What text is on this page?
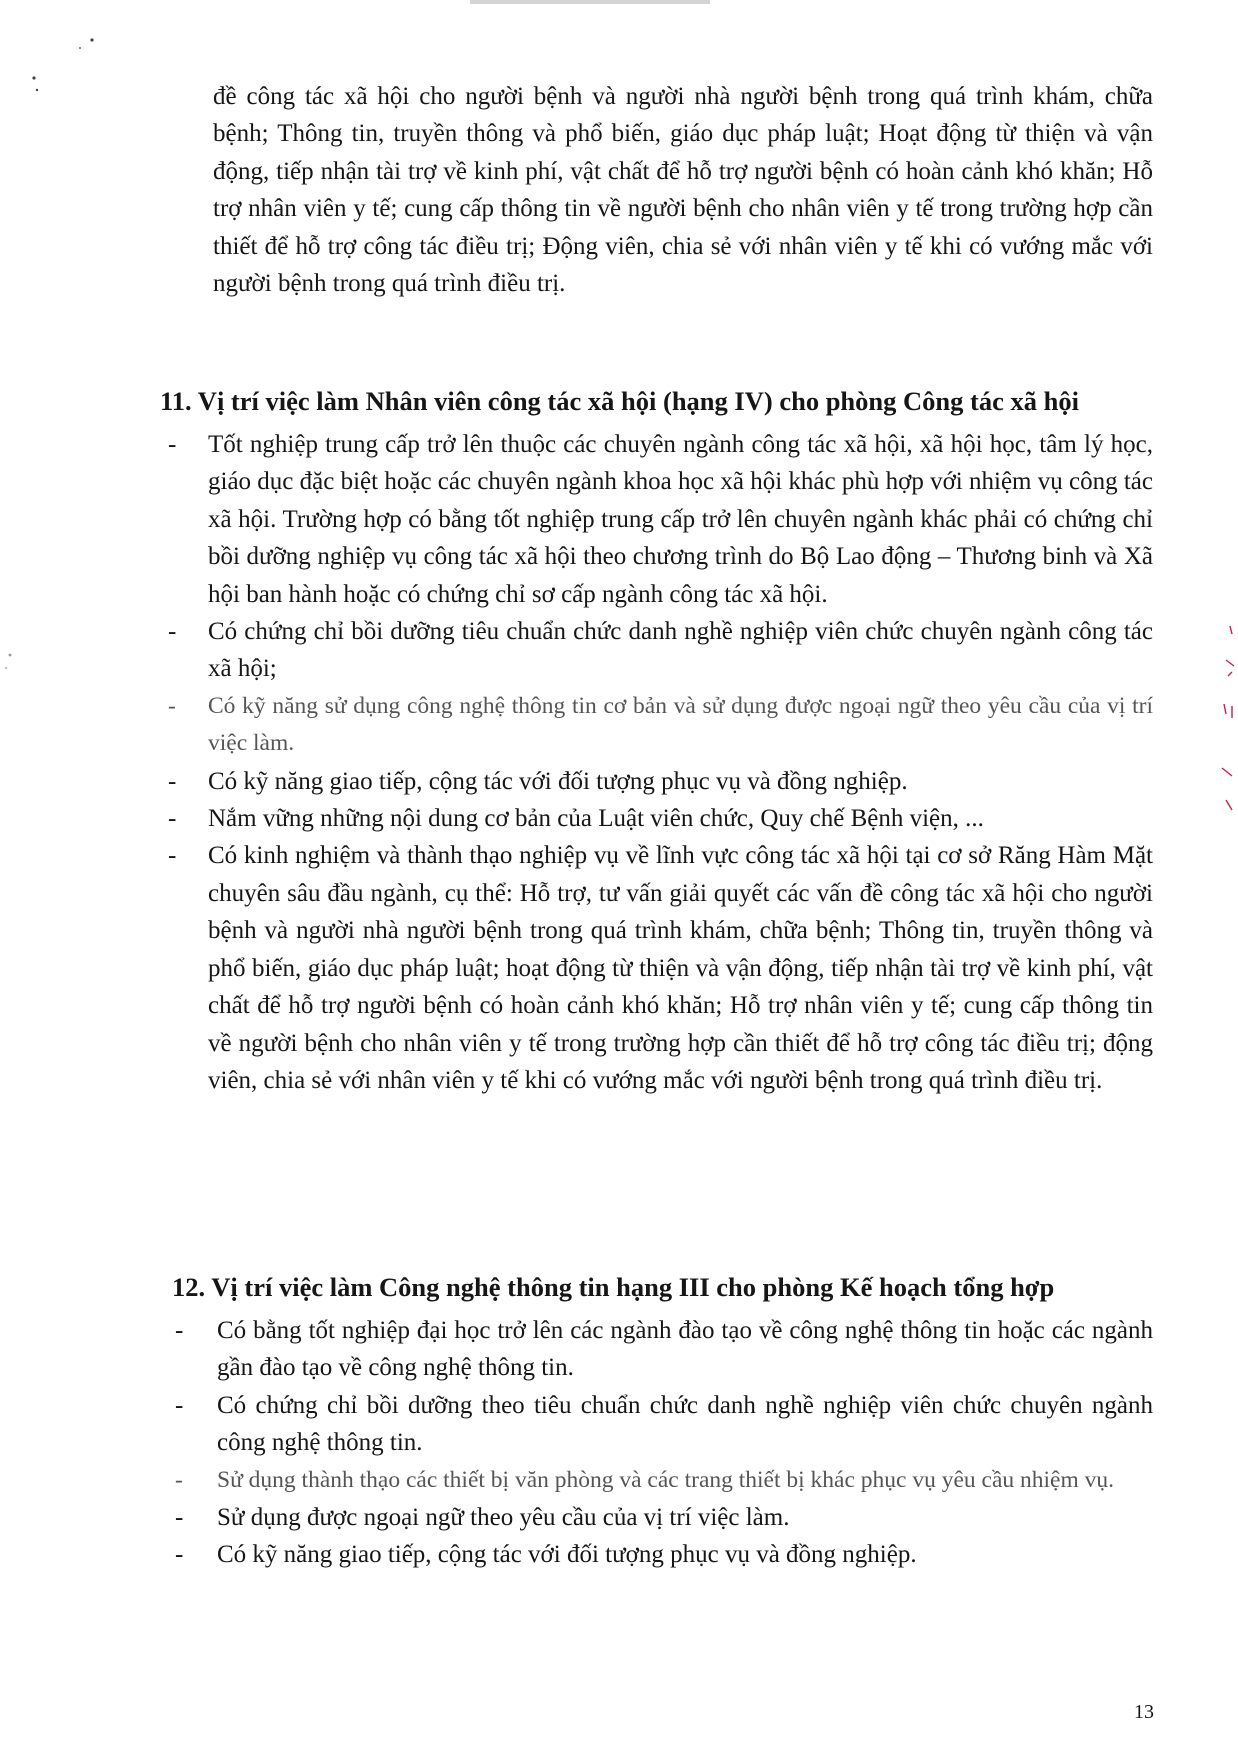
đề công tác xã hội cho người bệnh và người nhà người bệnh trong quá trình khám, chữa bệnh; Thông tin, truyền thông và phổ biến, giáo dục pháp luật; Hoạt động từ thiện và vận động, tiếp nhận tài trợ về kinh phí, vật chất để hỗ trợ người bệnh có hoàn cảnh khó khăn; Hỗ trợ nhân viên y tế; cung cấp thông tin về người bệnh cho nhân viên y tế trong trường hợp cần thiết để hỗ trợ công tác điều trị; Động viên, chia sẻ với nhân viên y tế khi có vướng mắc với người bệnh trong quá trình điều trị.

11. Vị trí việc làm Nhân viên công tác xã hội (hạng IV) cho phòng Công tác xã hội

- Tốt nghiệp trung cấp trở lên thuộc các chuyên ngành công tác xã hội, xã hội học, tâm lý học, giáo dục đặc biệt hoặc các chuyên ngành khoa học xã hội khác phù hợp với nhiệm vụ công tác xã hội. Trường hợp có bằng tốt nghiệp trung cấp trở lên chuyên ngành khác phải có chứng chỉ bồi dưỡng nghiệp vụ công tác xã hội theo chương trình do Bộ Lao động – Thương binh và Xã hội ban hành hoặc có chứng chỉ sơ cấp ngành công tác xã hội.
- Có chứng chỉ bồi dưỡng tiêu chuẩn chức danh nghề nghiệp viên chức chuyên ngành công tác xã hội;
- Có kỹ năng sử dụng công nghệ thông tin cơ bản và sử dụng được ngoại ngữ theo yêu cầu của vị trí việc làm.
- Có kỹ năng giao tiếp, cộng tác với đối tượng phục vụ và đồng nghiệp.
- Nắm vững những nội dung cơ bản của Luật viên chức, Quy chế Bệnh viện, ...
- Có kinh nghiệm và thành thạo nghiệp vụ về lĩnh vực công tác xã hội tại cơ sở Răng Hàm Mặt chuyên sâu đầu ngành, cụ thể: Hỗ trợ, tư vấn giải quyết các vấn đề công tác xã hội cho người bệnh và người nhà người bệnh trong quá trình khám, chữa bệnh; Thông tin, truyền thông và phổ biến, giáo dục pháp luật; hoạt động từ thiện và vận động, tiếp nhận tài trợ về kinh phí, vật chất để hỗ trợ người bệnh có hoàn cảnh khó khăn; Hỗ trợ nhân viên y tế; cung cấp thông tin về người bệnh cho nhân viên y tế trong trường hợp cần thiết để hỗ trợ công tác điều trị; động viên, chia sẻ với nhân viên y tế khi có vướng mắc với người bệnh trong quá trình điều trị.

12. Vị trí việc làm Công nghệ thông tin hạng III cho phòng Kế hoạch tổng hợp

- Có bằng tốt nghiệp đại học trở lên các ngành đào tạo về công nghệ thông tin hoặc các ngành gần đào tạo về công nghệ thông tin.
- Có chứng chỉ bồi dưỡng theo tiêu chuẩn chức danh nghề nghiệp viên chức chuyên ngành công nghệ thông tin.
- Sử dụng thành thạo các thiết bị văn phòng và các trang thiết bị khác phục vụ yêu cầu nhiệm vụ.
- Sử dụng được ngoại ngữ theo yêu cầu của vị trí việc làm.
- Có kỹ năng giao tiếp, cộng tác với đối tượng phục vụ và đồng nghiệp.

13
